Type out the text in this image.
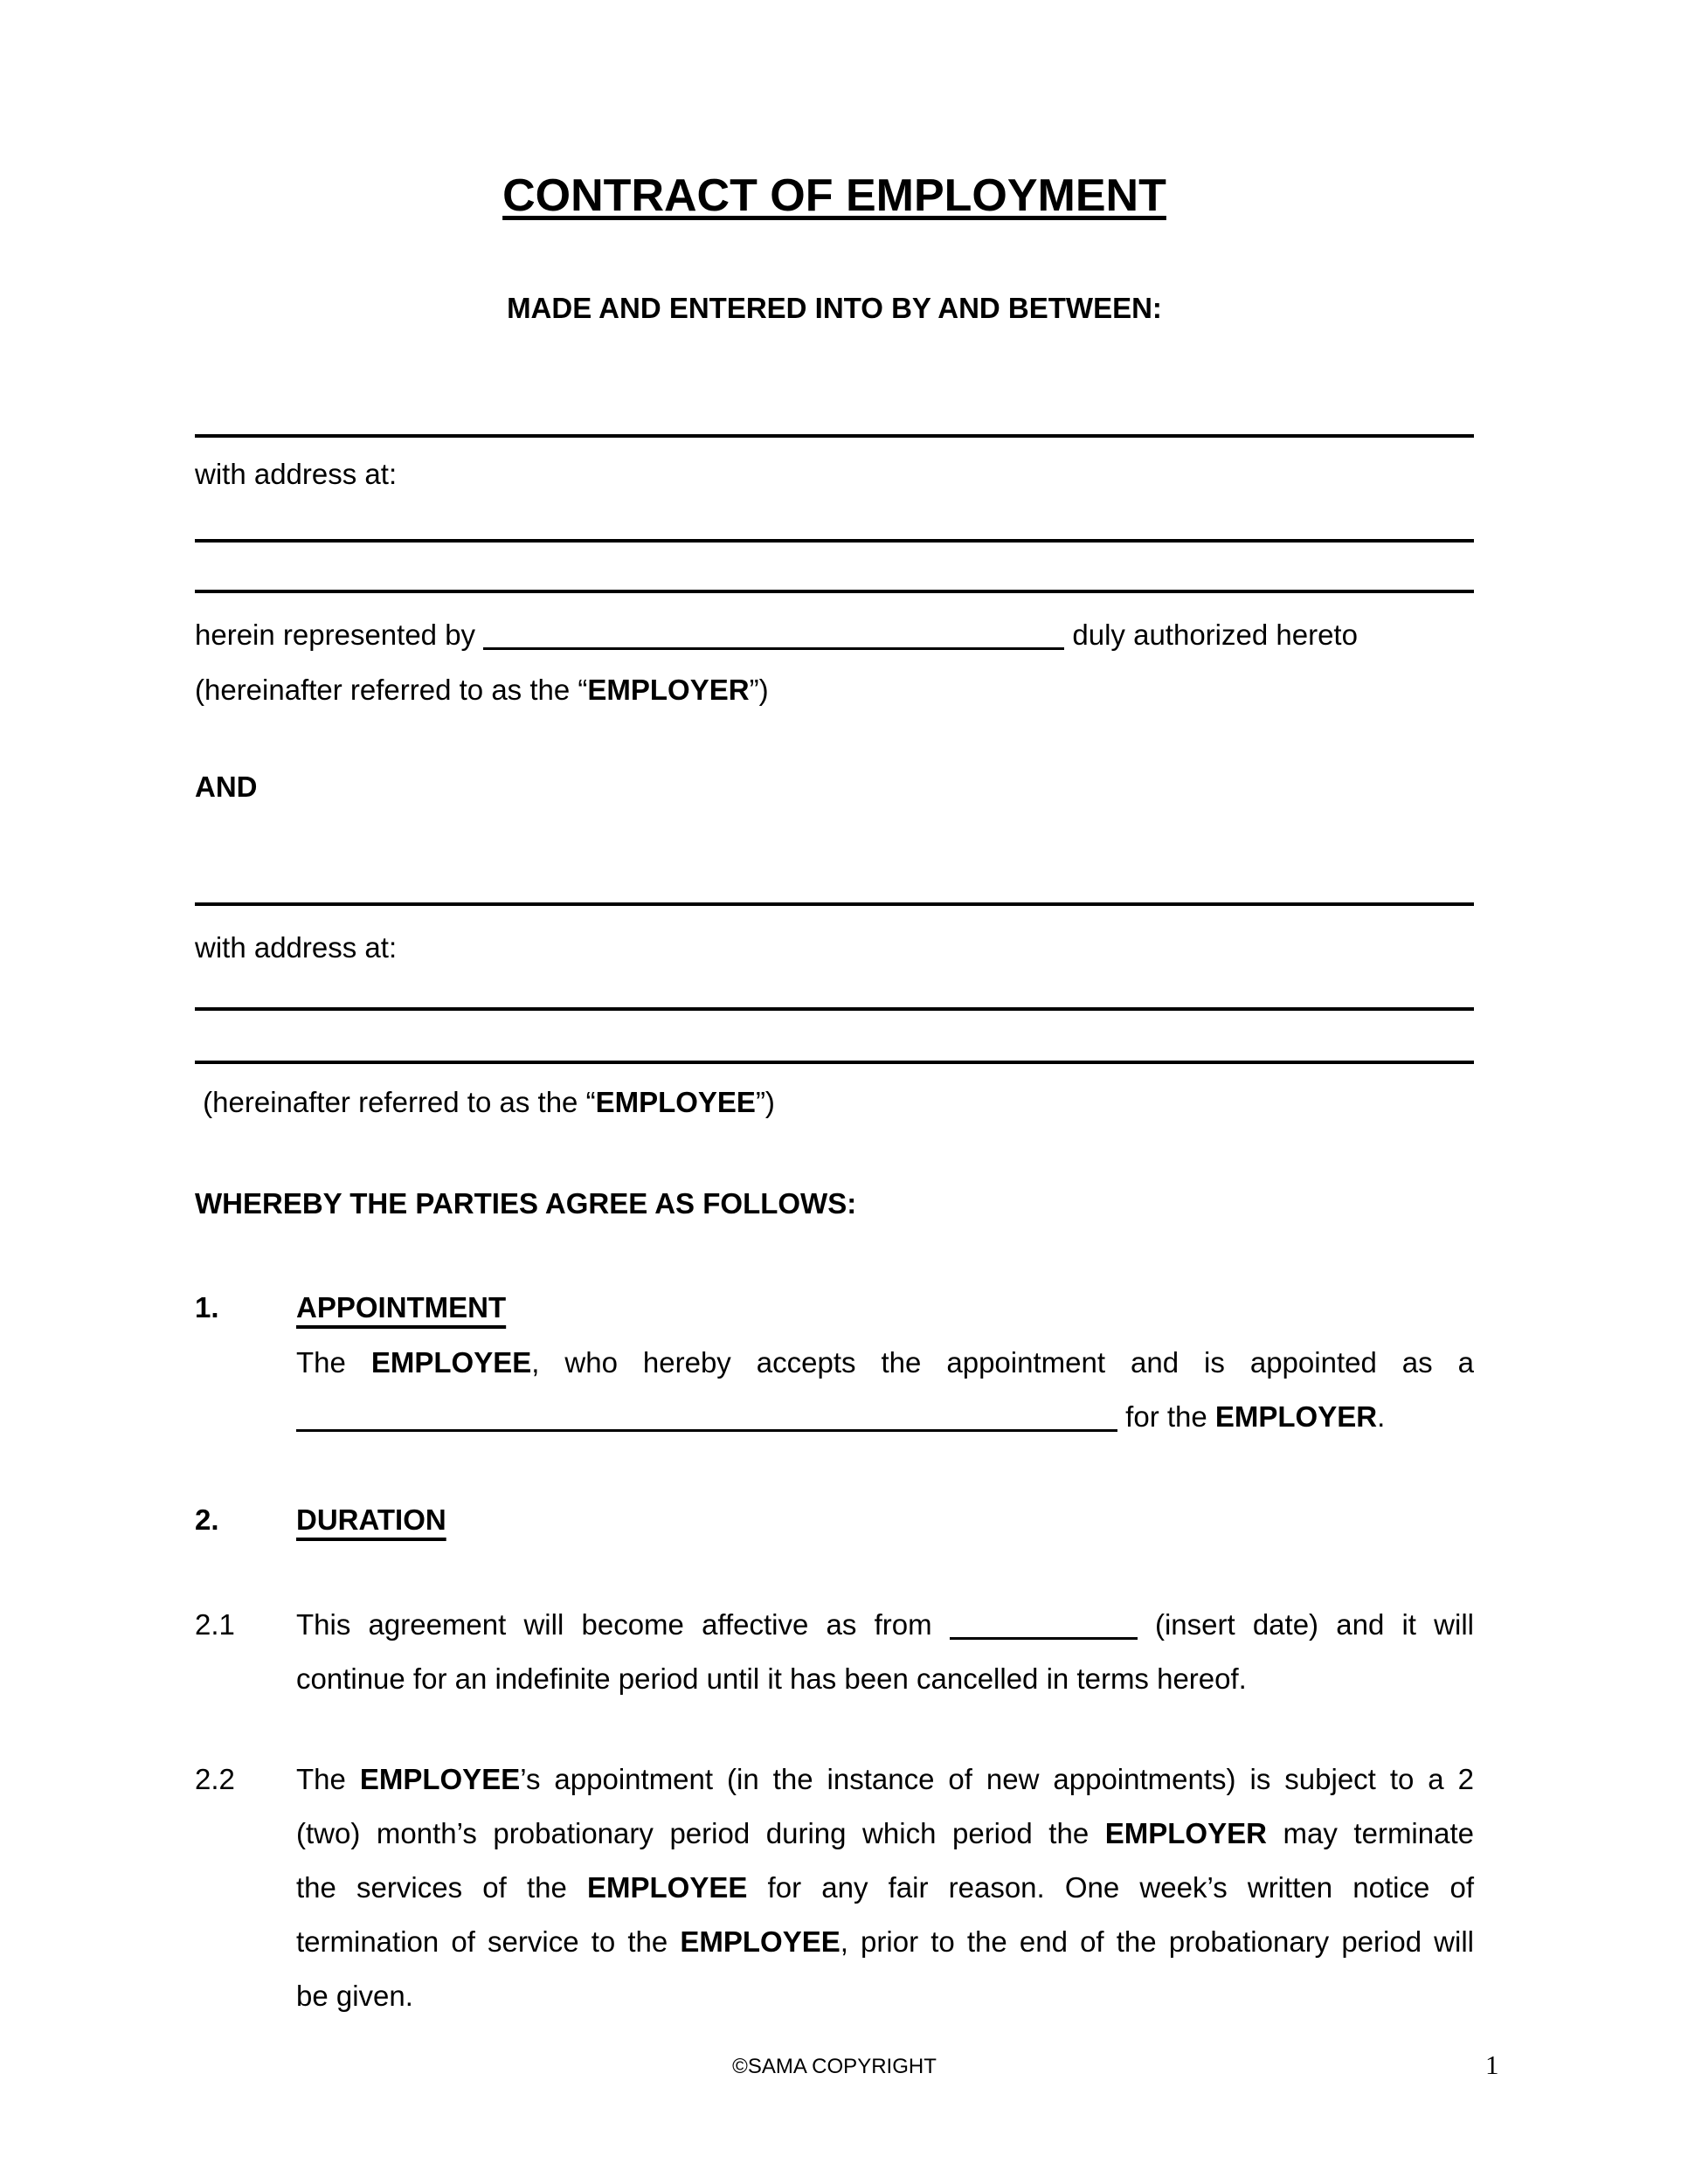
CONTRACT OF EMPLOYMENT
MADE AND ENTERED INTO BY AND BETWEEN:
with address at:
herein represented by	duly authorized hereto
(hereinafter referred to as the “EMPLOYER”)
AND
with address at:
(hereinafter referred to as the “EMPLOYEE”)
WHEREBY THE PARTIES AGREE AS FOLLOWS:
1.	APPOINTMENT
The EMPLOYEE, who hereby accepts the appointment and is appointed as a
for the EMPLOYER.
2.	DURATION
2.1 This agreement will become affective as from	(insert date) and it will
continue for an indefinite period until it has been cancelled in terms hereof.
2.2 The EMPLOYEE’s appointment (in the instance of new appointments) is subject to a 2
(two) month’s probationary period during which period the EMPLOYER may terminate
the services of the EMPLOYEE for any fair reason. One week’s written notice of
termination of service to the EMPLOYEE, prior to the end of the probationary period will
be given.
©SAMA COPYRIGHT	1
